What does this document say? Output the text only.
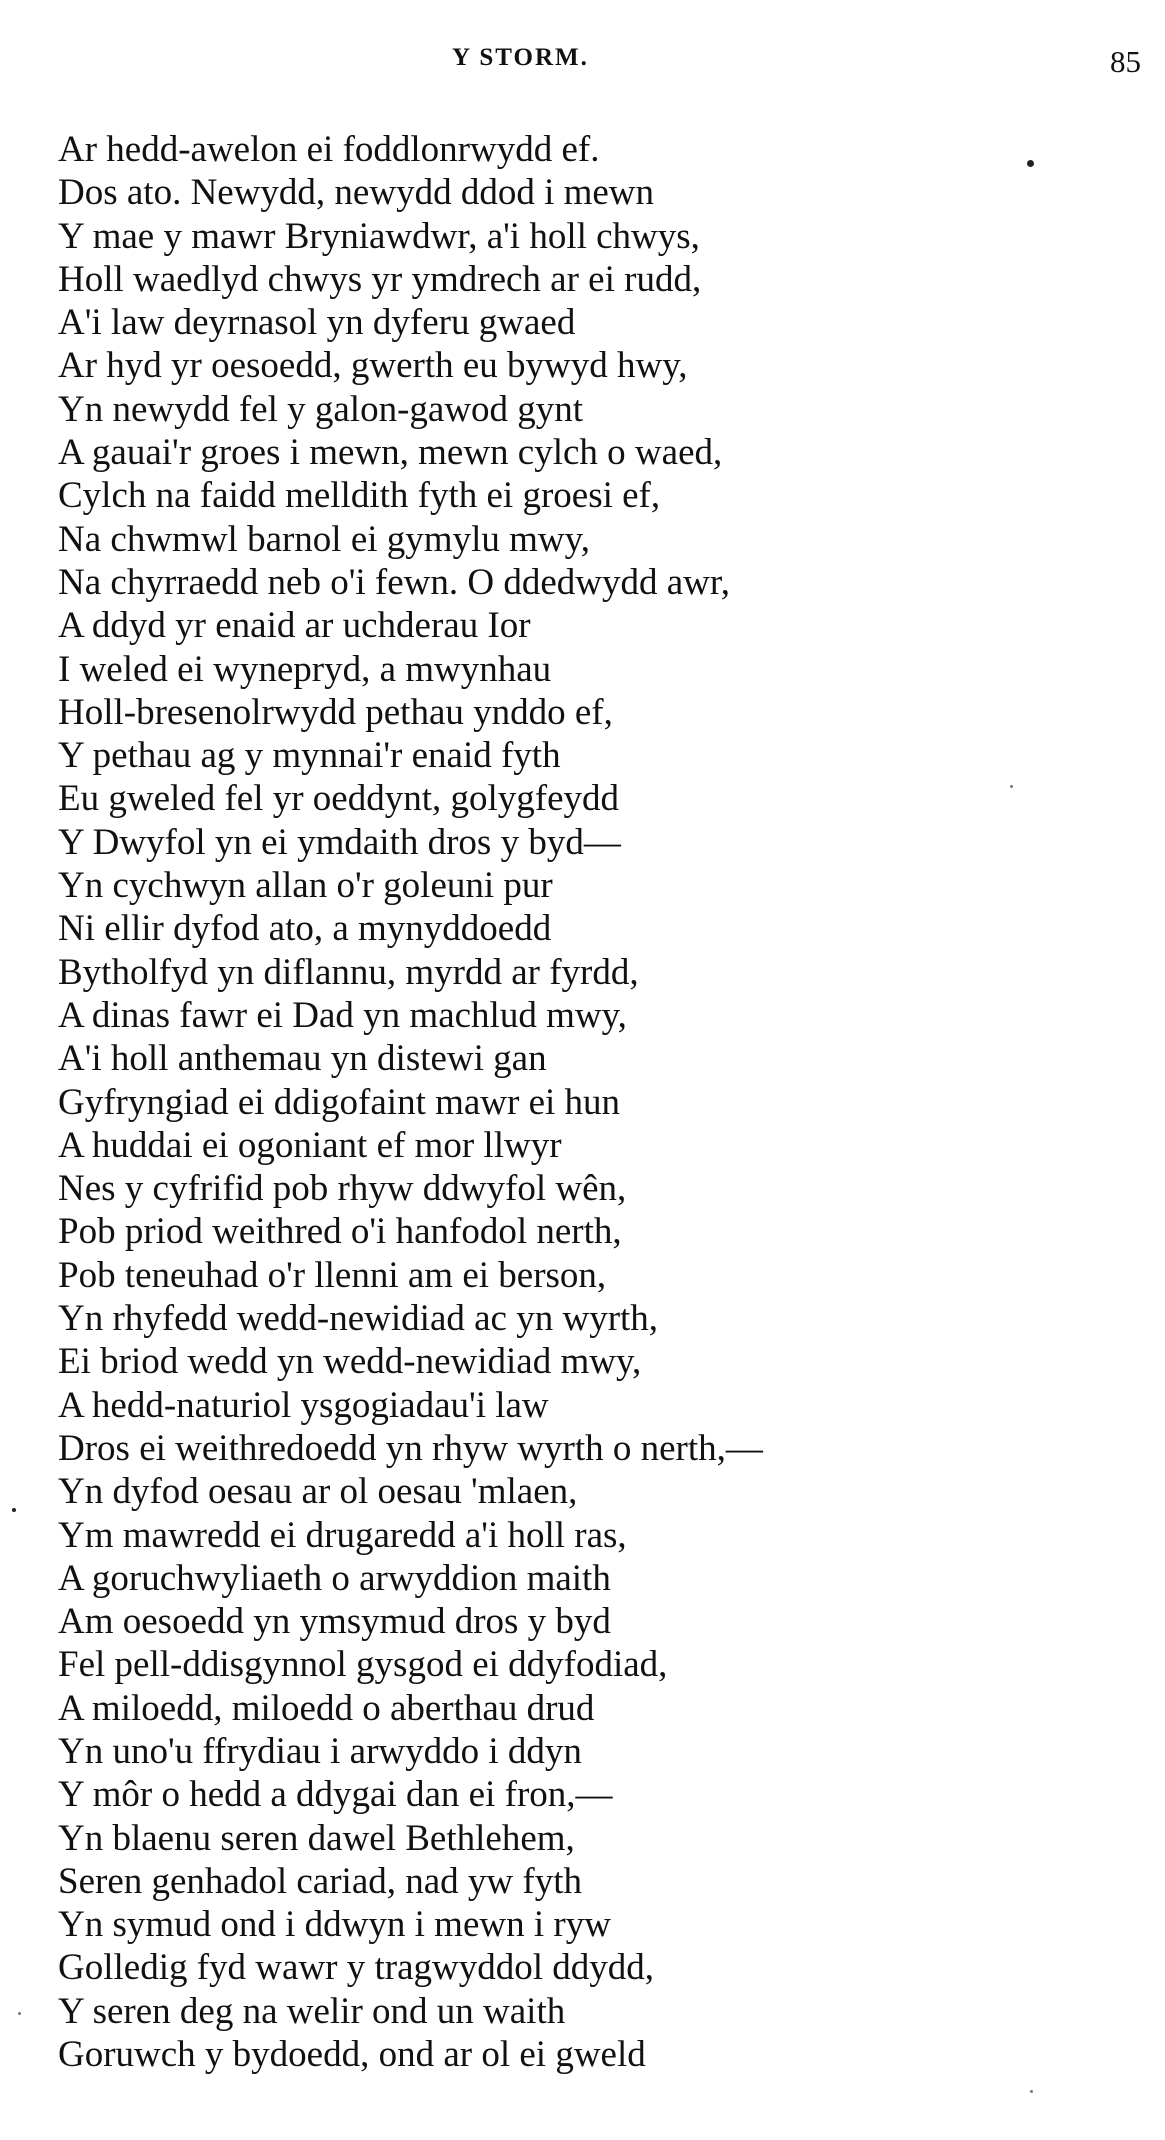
Y STORM.	85
Ar hedd-awelon ei foddlonrwydd ef.
Dos ato. Newydd, newydd ddod i mewn
Y mae y mawr Bryniawdwr, a'i holl chwys,
Holl waedlyd chwys yr ymdrech ar ei rudd,
A'i law deyrnasol yn dyferu gwaed
Ar hyd yr oesoedd, gwerth eu bywyd hwy,
Yn newydd fel y galon-gawod gynt
A gauai'r groes i mewn, mewn cylch o waed,
Cylch na faidd melldith fyth ei groesi ef,
Na chwmwl barnol ei gymylu mwy,
Na chyrraedd neb o'i fewn. O ddedwydd awr,
A ddyd yr enaid ar uchderau Ior
I weled ei wynepryd, a mwynhau
Holl-bresenolrwydd pethau ynddo ef,
Y pethau ag y mynnai'r enaid fyth
Eu gweled fel yr oeddynt, golygfeydd
Y Dwyfol yn ei ymdaith dros y byd—
Yn cychwyn allan o'r goleuni pur
Ni ellir dyfod ato, a mynyddoedd
Bytholfyd yn diflannu, myrdd ar fyrdd,
A dinas fawr ei Dad yn machlud mwy,
A'i holl anthemau yn distewi gan
Gyfryngiad ei ddigofaint mawr ei hun
A huddai ei ogoniant ef mor llwyr
Nes y cyfrifid pob rhyw ddwyfol wên,
Pob priod weithred o'i hanfodol nerth,
Pob teneuhad o'r llenni am ei berson,
Yn rhyfedd wedd-newidiad ac yn wyrth,
Ei briod wedd yn wedd-newidiad mwy,
A hedd-naturiol ysgogiadau'i law
Dros ei weithredoedd yn rhyw wyrth o nerth,—
Yn dyfod oesau ar ol oesau 'mlaen,
Ym mawredd ei drugaredd a'i holl ras,
A goruchwyliaeth o arwyddion maith
Am oesoedd yn ymsymud dros y byd
Fel pell-ddisgynnol gysgod ei ddyfodiad,
A miloedd, miloedd o aberthau drud
Yn uno'u ffrydiau i arwyddo i ddyn
Y môr o hedd a ddygai dan ei fron,—
Yn blaenu seren dawel Bethlehem,
Seren genhadol cariad, nad yw fyth
Yn symud ond i ddwyn i mewn i ryw
Golledig fyd wawr y tragwyddol ddydd,
Y seren deg na welir ond un waith
Goruwch y bydoedd, ond ar ol ei gweld
